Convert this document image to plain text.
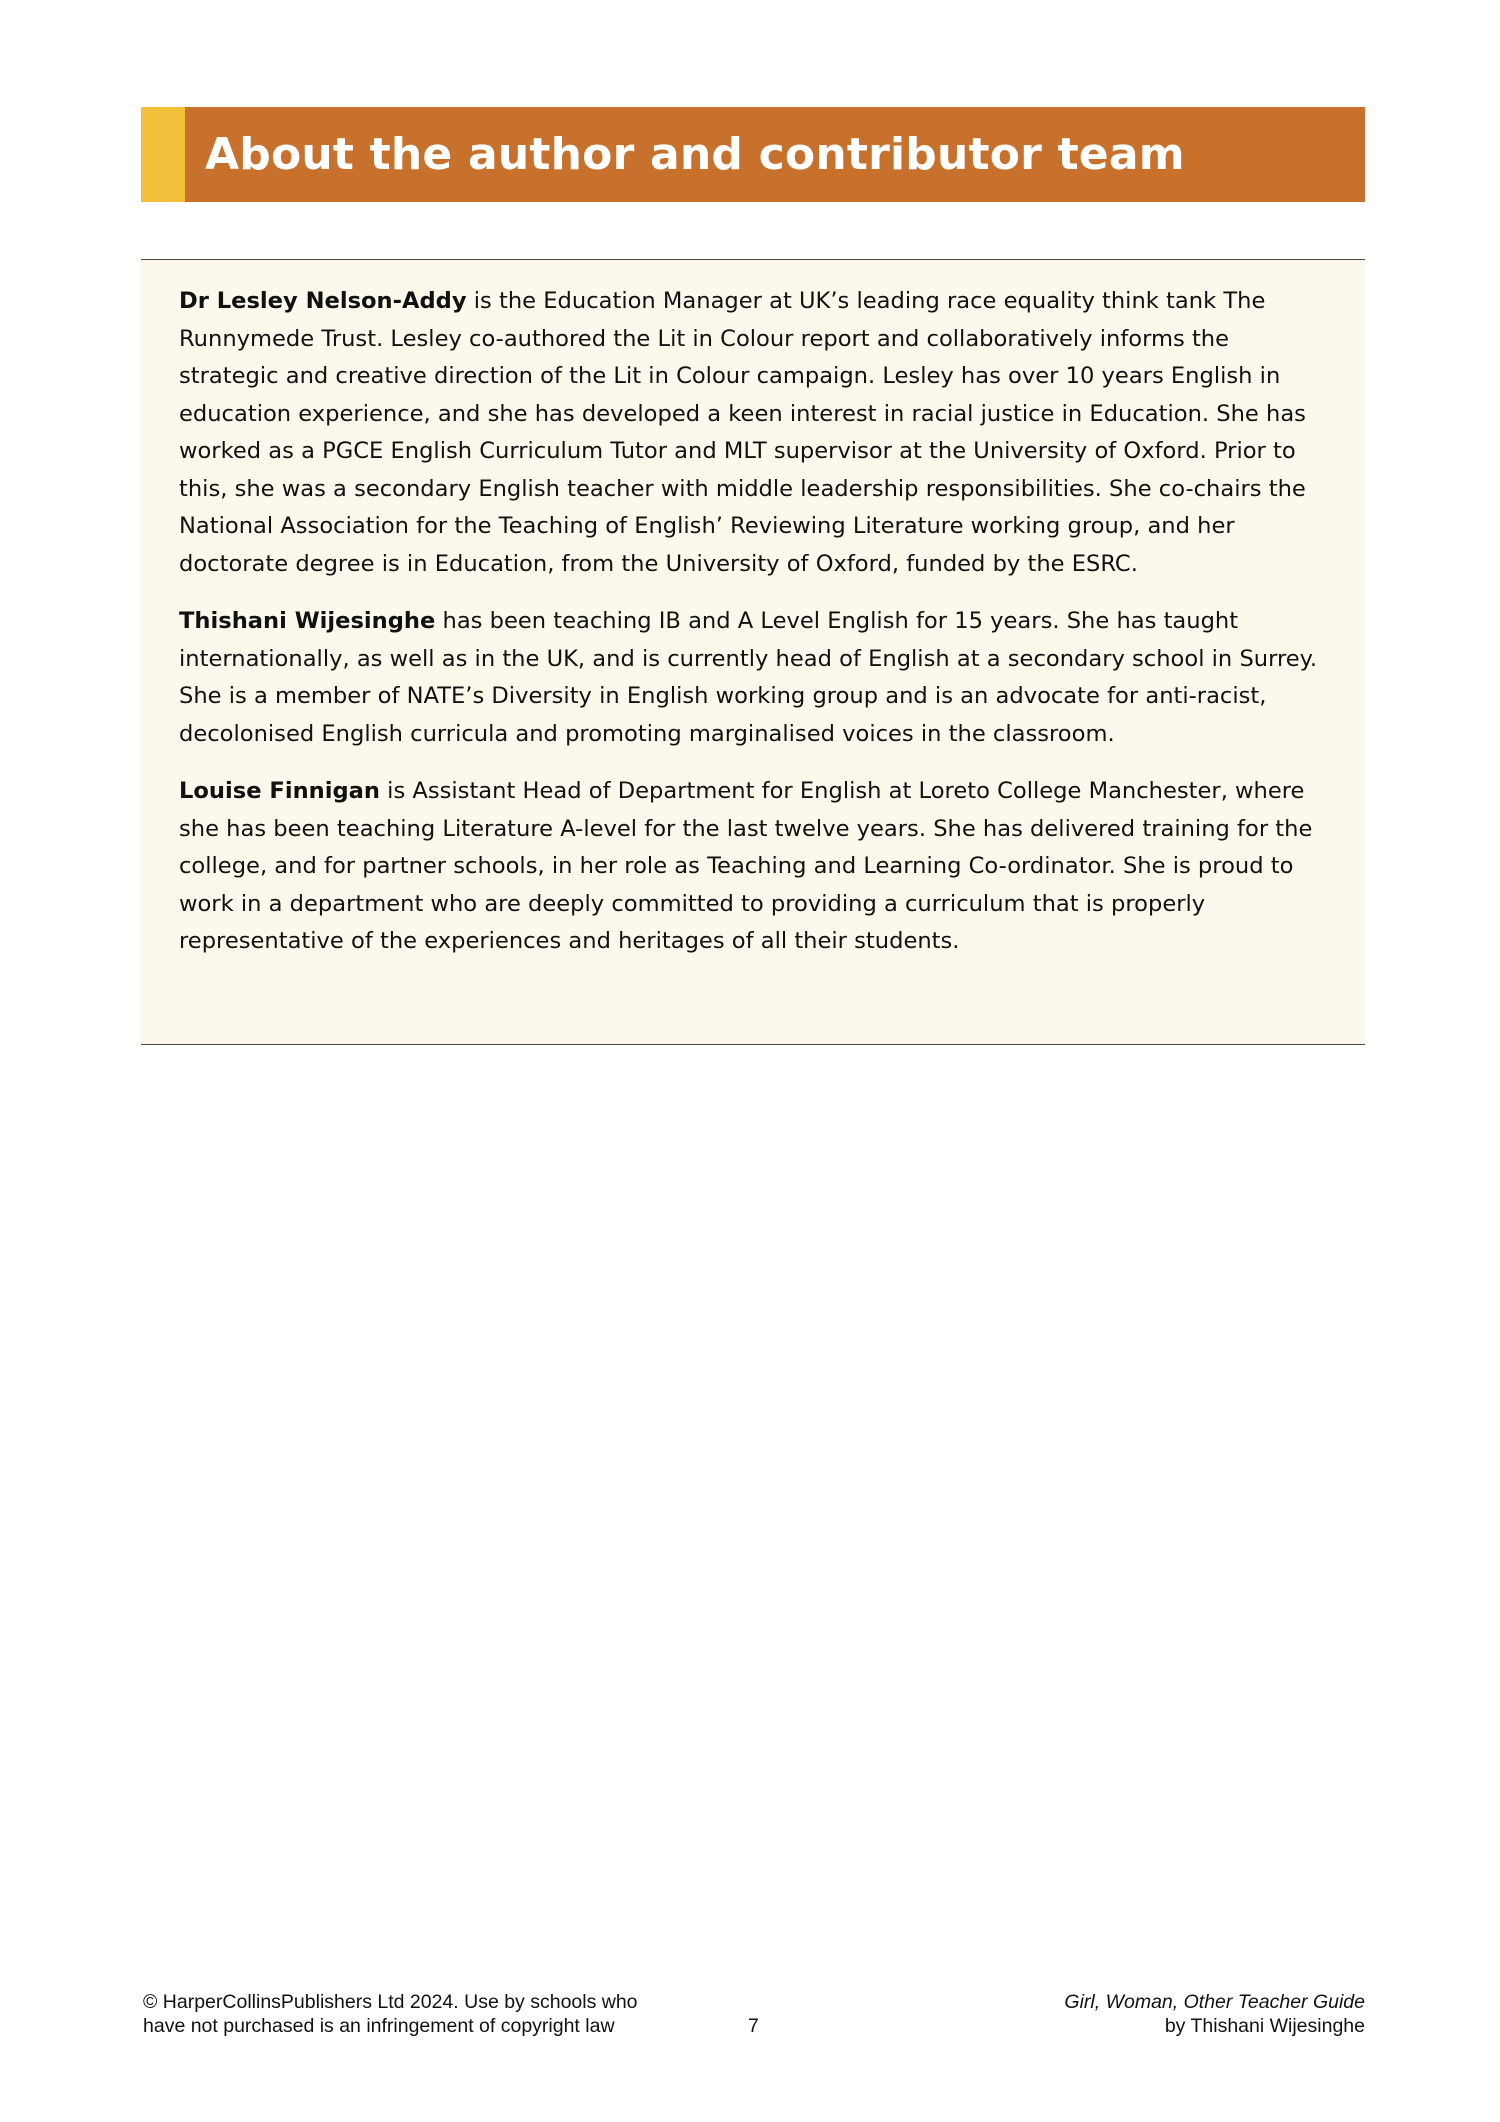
About the author and contributor team

Dr Lesley Nelson-Addy is the Education Manager at UK’s leading race equality think tank The Runnymede Trust. Lesley co-authored the Lit in Colour report and collaboratively informs the strategic and creative direction of the Lit in Colour campaign. Lesley has over 10 years English in education experience, and she has developed a keen interest in racial justice in Education. She has worked as a PGCE English Curriculum Tutor and MLT supervisor at the University of Oxford. Prior to this, she was a secondary English teacher with middle leadership responsibilities. She co-chairs the National Association for the Teaching of English’ Reviewing Literature working group, and her doctorate degree is in Education, from the University of Oxford, funded by the ESRC.

Thishani Wijesinghe has been teaching IB and A Level English for 15 years. She has taught internationally, as well as in the UK, and is currently head of English at a secondary school in Surrey. She is a member of NATE’s Diversity in English working group and is an advocate for anti-racist, decolonised English curricula and promoting marginalised voices in the classroom.

Louise Finnigan is Assistant Head of Department for English at Loreto College Manchester, where she has been teaching Literature A-level for the last twelve years. She has delivered training for the college, and for partner schools, in her role as Teaching and Learning Co-ordinator. She is proud to work in a department who are deeply committed to providing a curriculum that is properly representative of the experiences and heritages of all their students.

© HarperCollinsPublishers Ltd 2024. Use by schools who
have not purchased is an infringement of copyright law	7
Girl, Woman, Other Teacher Guide
by Thishani Wijesinghe
